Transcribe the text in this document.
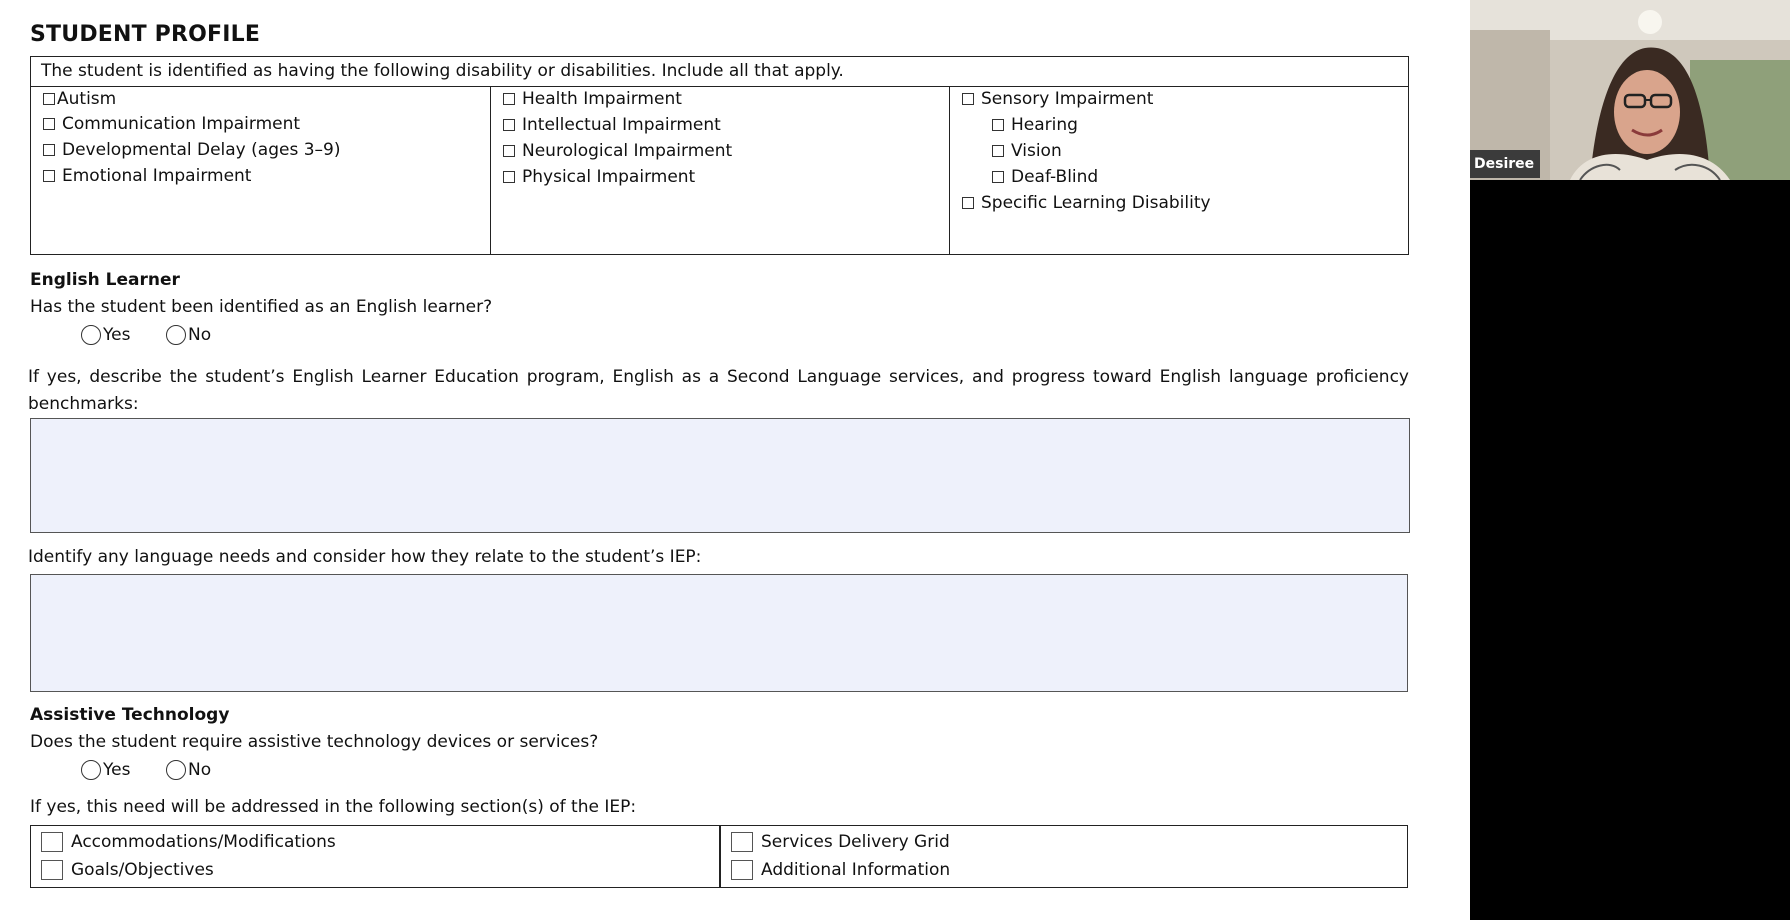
STUDENT PROFILE
The student is identified as having the following disability or disabilities. Include all that apply.
Autism
Communication Impairment
Developmental Delay (ages 3–9)
Emotional Impairment
Health Impairment
Intellectual Impairment
Neurological Impairment
Physical Impairment
Sensory Impairment
Hearing
Vision
Deaf-Blind
Specific Learning Disability
English Learner
Has the student been identified as an English learner?
Yes	No
If yes, describe the student’s English Learner Education program, English as a Second Language services, and progress toward English language proficiency
benchmarks:
Identify any language needs and consider how they relate to the student’s IEP:
Assistive Technology
Does the student require assistive technology devices or services?
Yes	No
If yes, this need will be addressed in the following section(s) of the IEP:
Accommodations/Modifications
Goals/Objectives
Services Delivery Grid
Additional Information
Desiree
